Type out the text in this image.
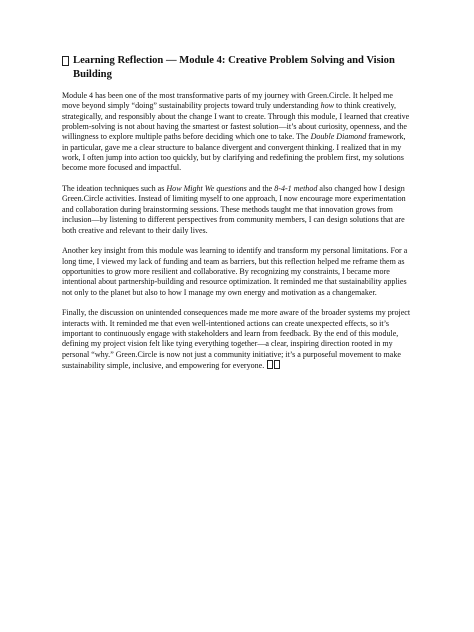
Learning Reflection — Module 4: Creative Problem Solving and Vision Building

Module 4 has been one of the most transformative parts of my journey with Green.Circle. It helped me move beyond simply “doing” sustainability projects toward truly understanding how to think creatively, strategically, and responsibly about the change I want to create. Through this module, I learned that creative problem-solving is not about having the smartest or fastest solution—it’s about curiosity, openness, and the willingness to explore multiple paths before deciding which one to take. The Double Diamond framework, in particular, gave me a clear structure to balance divergent and convergent thinking. I realized that in my work, I often jump into action too quickly, but by clarifying and redefining the problem first, my solutions become more focused and impactful.

The ideation techniques such as How Might We questions and the 8-4-1 method also changed how I design Green.Circle activities. Instead of limiting myself to one approach, I now encourage more experimentation and collaboration during brainstorming sessions. These methods taught me that innovation grows from inclusion—by listening to different perspectives from community members, I can design solutions that are both creative and relevant to their daily lives.

Another key insight from this module was learning to identify and transform my personal limitations. For a long time, I viewed my lack of funding and team as barriers, but this reflection helped me reframe them as opportunities to grow more resilient and collaborative. By recognizing my constraints, I became more intentional about partnership-building and resource optimization. It reminded me that sustainability applies not only to the planet but also to how I manage my own energy and motivation as a changemaker.

Finally, the discussion on unintended consequences made me more aware of the broader systems my project interacts with. It reminded me that even well-intentioned actions can create unexpected effects, so it’s important to continuously engage with stakeholders and learn from feedback. By the end of this module, defining my project vision felt like tying everything together—a clear, inspiring direction rooted in my personal “why.” Green.Circle is now not just a community initiative; it’s a purposeful movement to make sustainability simple, inclusive, and empowering for everyone.
